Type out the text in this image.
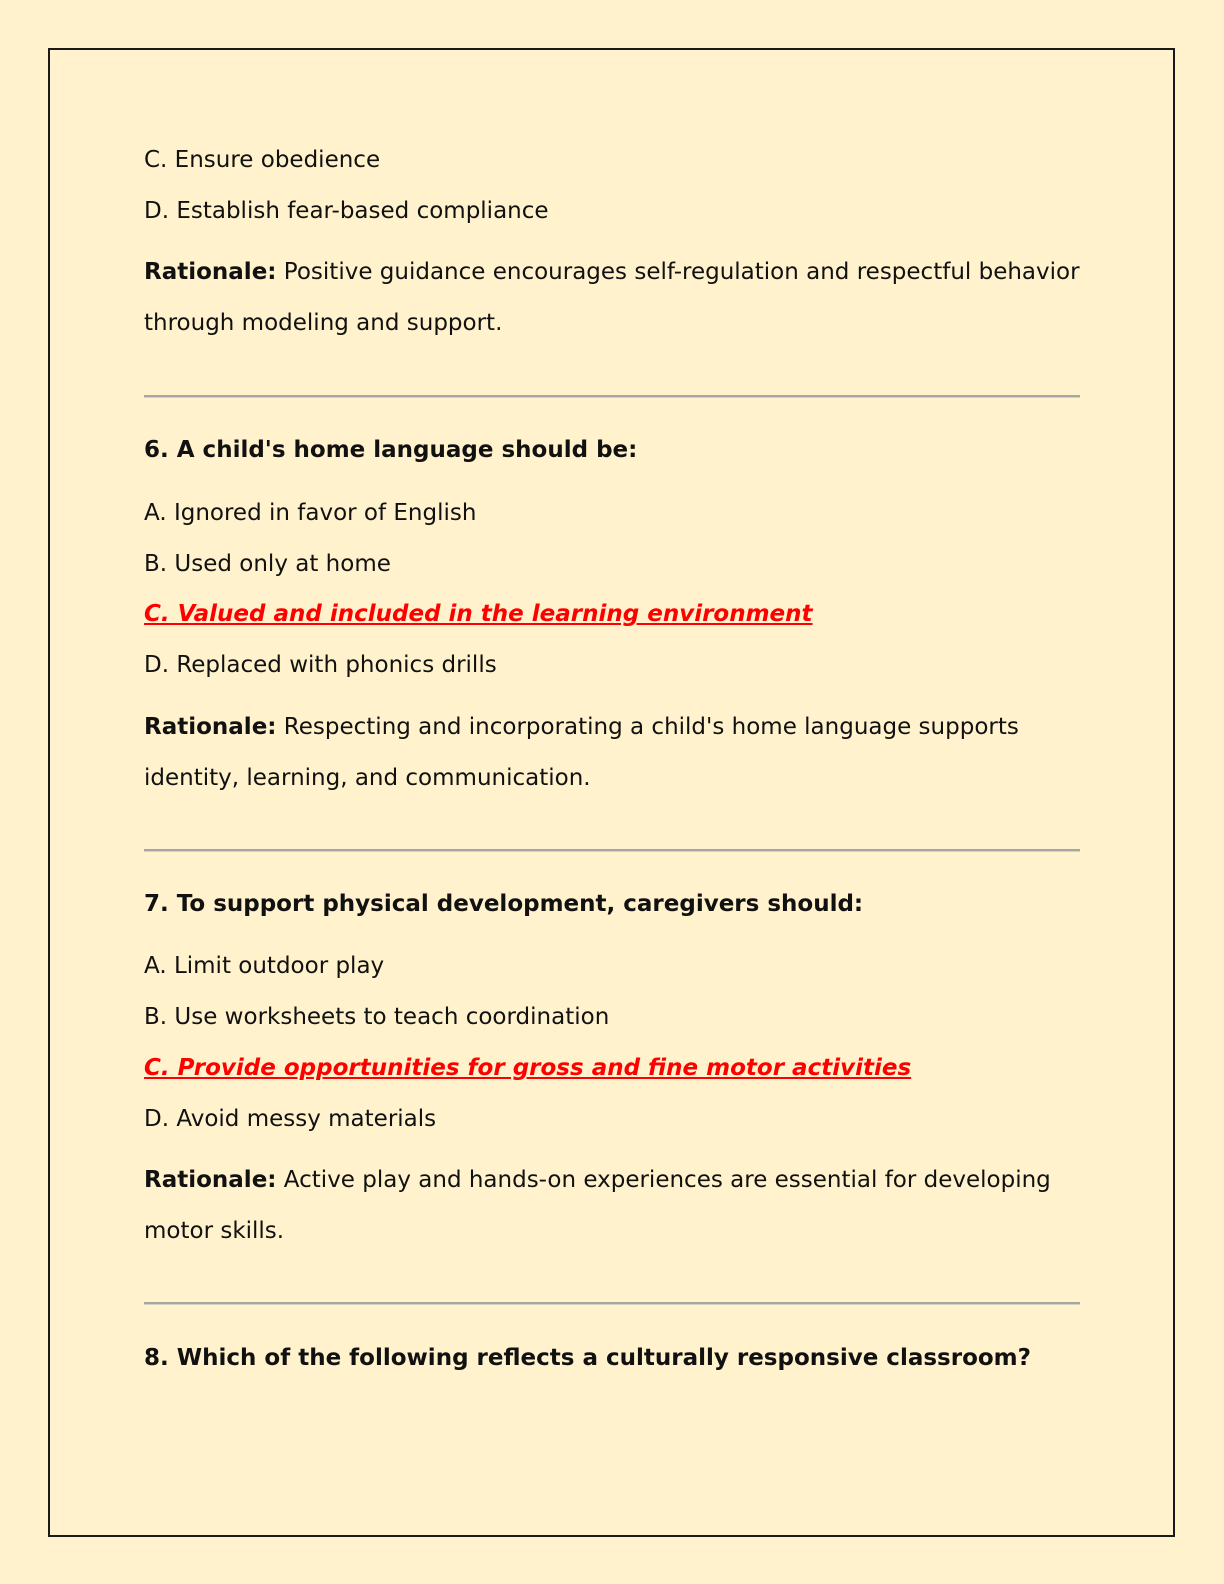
C. Ensure obedience
D. Establish fear-based compliance
Rationale: Positive guidance encourages self-regulation and respectful behavior through modeling and support.
6. A child's home language should be:
A. Ignored in favor of English
B. Used only at home
C. Valued and included in the learning environment
D. Replaced with phonics drills
Rationale: Respecting and incorporating a child's home language supports identity, learning, and communication.
7. To support physical development, caregivers should:
A. Limit outdoor play
B. Use worksheets to teach coordination
C. Provide opportunities for gross and fine motor activities
D. Avoid messy materials
Rationale: Active play and hands-on experiences are essential for developing motor skills.
8. Which of the following reflects a culturally responsive classroom?
